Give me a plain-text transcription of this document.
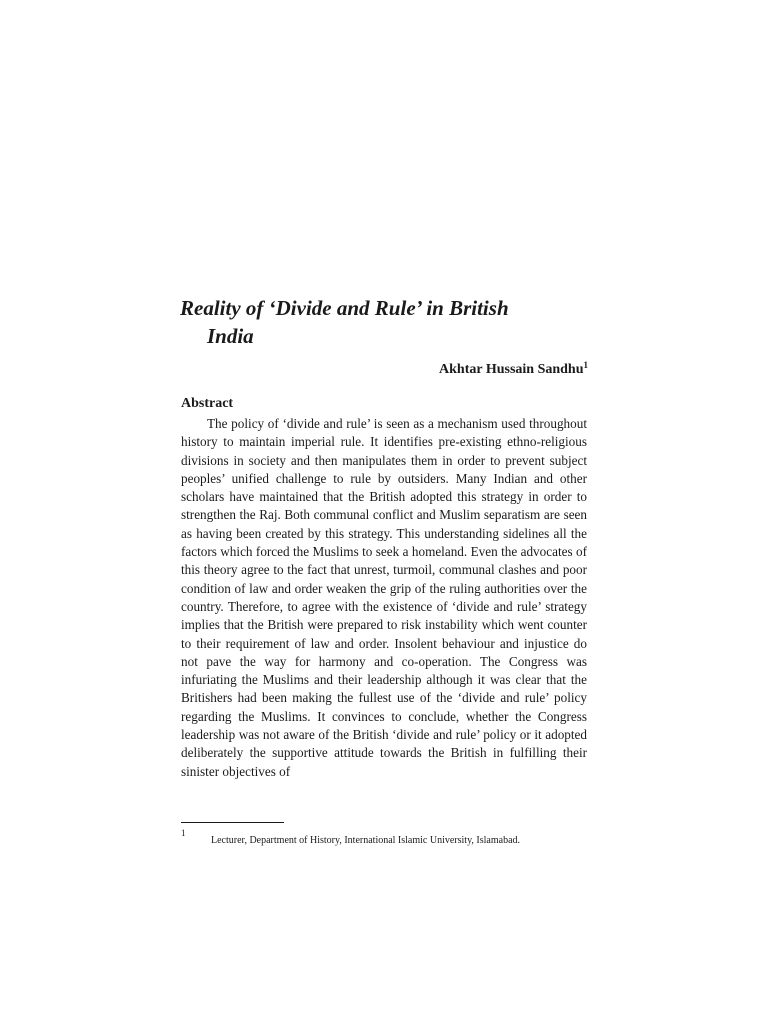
Reality of ‘Divide and Rule’ in British
India
Akhtar Hussain Sandhu$^1$
Abstract

The policy of ‘divide and rule’ is seen as a mechanism used throughout history to maintain imperial rule. It identifies pre-existing ethno-religious divisions in society and then manipulates them in order to prevent subject peoples’ unified challenge to rule by outsiders. Many Indian and other scholars have maintained that the British adopted this strategy in order to strengthen the Raj. Both communal conflict and Muslim separatism are seen as having been created by this strategy. This understanding sidelines all the factors which forced the Muslims to seek a homeland. Even the advocates of this theory agree to the fact that unrest, turmoil, communal clashes and poor condition of law and order weaken the grip of the ruling authorities over the country. Therefore, to agree with the existence of ‘divide and rule’ strategy implies that the British were prepared to risk instability which went counter to their requirement of law and order. Insolent behaviour and injustice do not pave the way for harmony and co-operation. The Congress was infuriating the Muslims and their leadership although it was clear that the Britishers had been making the fullest use of the ‘divide and rule’ policy regarding the Muslims. It convinces to conclude, whether the Congress leadership was not aware of the British ‘divide and rule’ policy or it adopted deliberately the supportive attitude towards the British in fulfilling their sinister objectives of

1
Lecturer, Department of History, International Islamic University, Islamabad.
